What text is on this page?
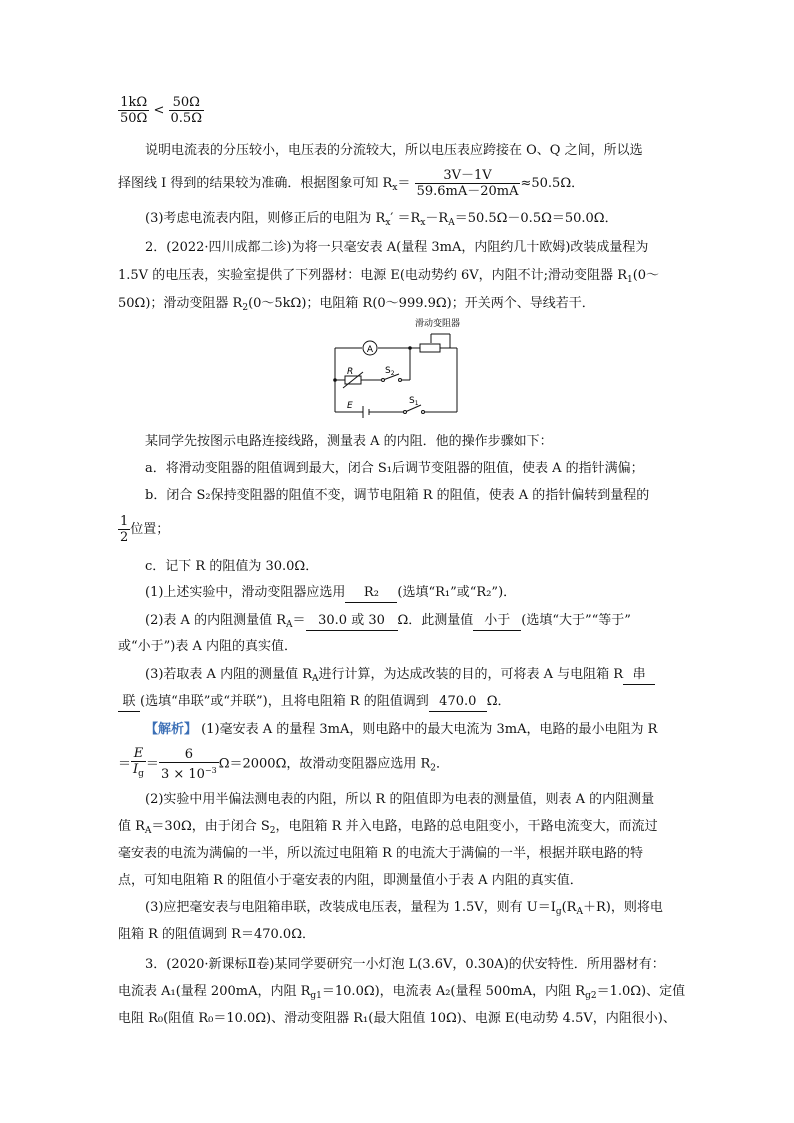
$\frac{1k\Omega}{50\Omega} < \frac{50\Omega}{0.5\Omega}$
说明电流表的分压较小，电压表的分流较大，所以电压表应跨接在 O、Q 之间，所以选
择图线 I 得到的结果较为准确．根据图象可知 $R_x= \frac{3V-1V}{59.6mA-20mA} \approx 50.5\Omega$．
(3)考虑电流表内阻，则修正后的电阻为 $R_x' =R_x-R_A=50.5\Omega-0.5\Omega=50.0\Omega$．
2．(2022·四川成都二诊)为将一只毫安表 A(量程 3mA，内阻约几十欧姆)改装成量程为
1.5V 的电压表，实验室提供了下列器材：电源 E(电动势约 6V，内阻不计;滑动变阻器 $R_1(0\sim$
50Ω)；滑动变阻器 $R_2(0\sim 5k\Omega)$；电阻箱 R(0～999.9Ω)；开关两个、导线若干．
A
滑动变阻器
R	$S_2$
E	$S_1$
某同学先按图示电路连接线路，测量表 A 的内阻．他的操作步骤如下：
a．将滑动变阻器的阻值调到最大，闭合 S₁后调节变阻器的阻值，使表 A 的指针满偏；
b．闭合 S₂保持变阻器的阻值不变，调节电阻箱 R 的阻值，使表 A 的指针偏转到量程的
$\frac{1}{2}$ 位置；
c．记下 R 的阻值为 30.0Ω．
(1)上述实验中，滑动变阻器应选用 R₂ (选填“R₁”或“R₂”)．
(2)表 A 的内阻测量值 $R_A= 30.0$ 或 30 Ω．此测量值 小于 (选填“大于”“等于”
或“小于”)表 A 内阻的真实值．
(3)若取表 A 内阻的测量值 $R_A$进行计算，为达成改装的目的，可将表 A 与电阻箱 R 串
联 (选填“串联”或“并联”)，且将电阻箱 R 的阻值调到 470.0 Ω．
【解析】 (1)毫安表 A 的量程 3mA，则电路中的最大电流为 3mA，电路的最小电阻为 R
＝ $\frac{E}{I_g} = \frac{6}{3 \times 10^{-3}} \Omega=2000\Omega$，故滑动变阻器应选用 $R_2$．
(2)实验中用半偏法测电表的内阻，所以 R 的阻值即为电表的测量值，则表 A 的内阻测量
值 $R_A=30\Omega$，由于闭合 $S_2$，电阻箱 R 并入电路，电路的总电阻变小，干路电流变大，而流过
毫安表的电流为满偏的一半，所以流过电阻箱 R 的电流大于满偏的一半，根据并联电路的特
点，可知电阻箱 R 的阻值小于毫安表的内阻，即测量值小于表 A 内阻的真实值．
(3)应把毫安表与电阻箱串联，改装成电压表，量程为 1.5V，则有 $U=I_g(R_A+R)$，则将电
阻箱 R 的阻值调到 R＝470.0Ω．
3．(2020·新课标Ⅱ卷)某同学要研究一小灯泡 L(3.6V，0.30A)的伏安特性．所用器材有：
电流表 A₁(量程 200mA，内阻 $R_{g1}=10.0\Omega$)，电流表 A₂(量程 500mA，内阻 $R_{g2}=1.0\Omega$)、定值
电阻 R₀(阻值 R₀＝10.0Ω)、滑动变阻器 R₁(最大阻值 10Ω)、电源 E(电动势 4.5V，内阻很小)、
